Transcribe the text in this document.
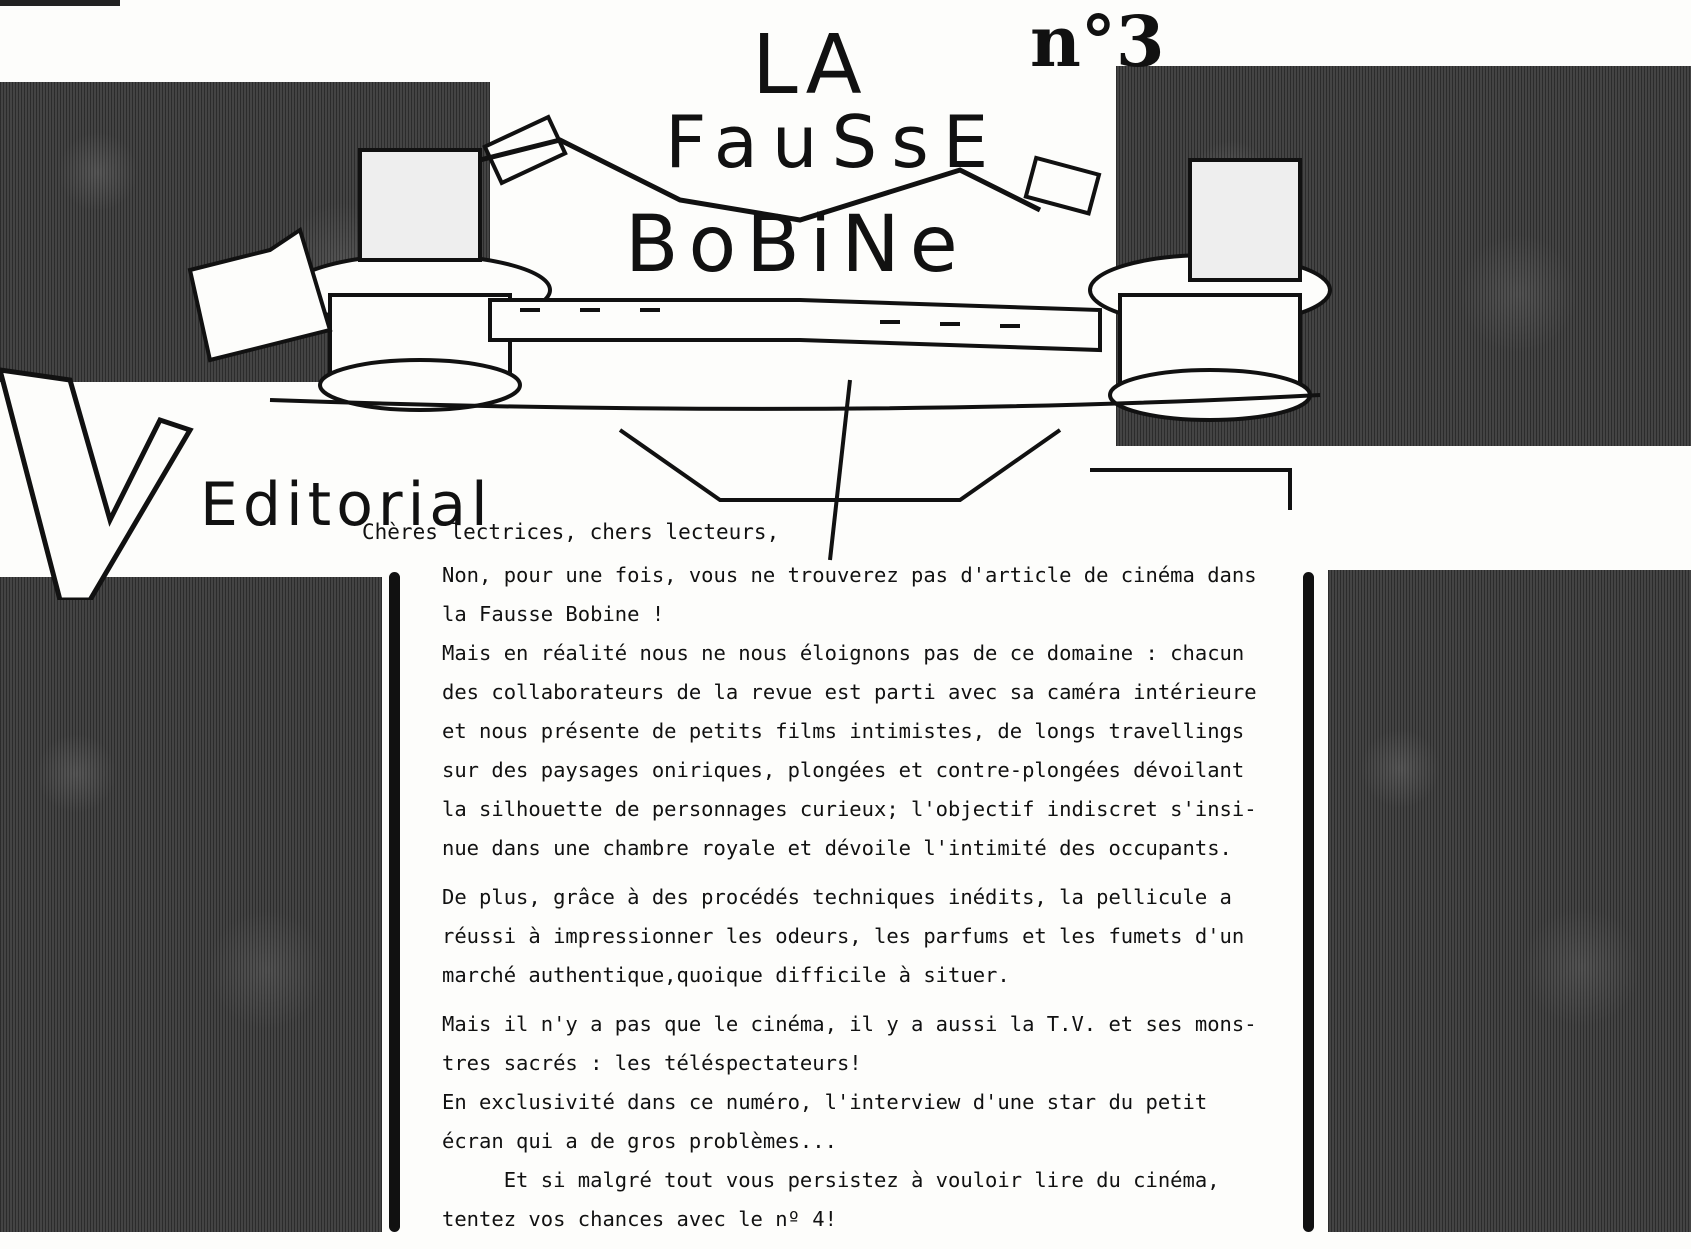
LA
FauSsE
BoBiNe
n°3
Editorial
Chères lectrices, chers lecteurs,

Non, pour une fois, vous ne trouverez pas d'article de cinéma dans
la Fausse Bobine !
Mais en réalité nous ne nous éloignons pas de ce domaine : chacun
des collaborateurs de la revue est parti avec sa caméra intérieure
et nous présente de petits films intimistes, de longs travellings
sur des paysages oniriques, plongées et contre-plongées dévoilant
la silhouette de personnages curieux; l'objectif indiscret s'insi-
nue dans une chambre royale et dévoile l'intimité des occupants.

De plus, grâce à des procédés techniques inédits, la pellicule a
réussi à impressionner les odeurs, les parfums et les fumets d'un
marché authentique,quoique difficile à situer.

Mais il n'y a pas que le cinéma, il y a aussi la T.V. et ses mons-
tres sacrés : les téléspectateurs!
En exclusivité dans ce numéro, l'interview d'une star du petit
écran qui a de gros problèmes...
Et si malgré tout vous persistez à vouloir lire du cinéma,
tentez vos chances avec le nº 4!
